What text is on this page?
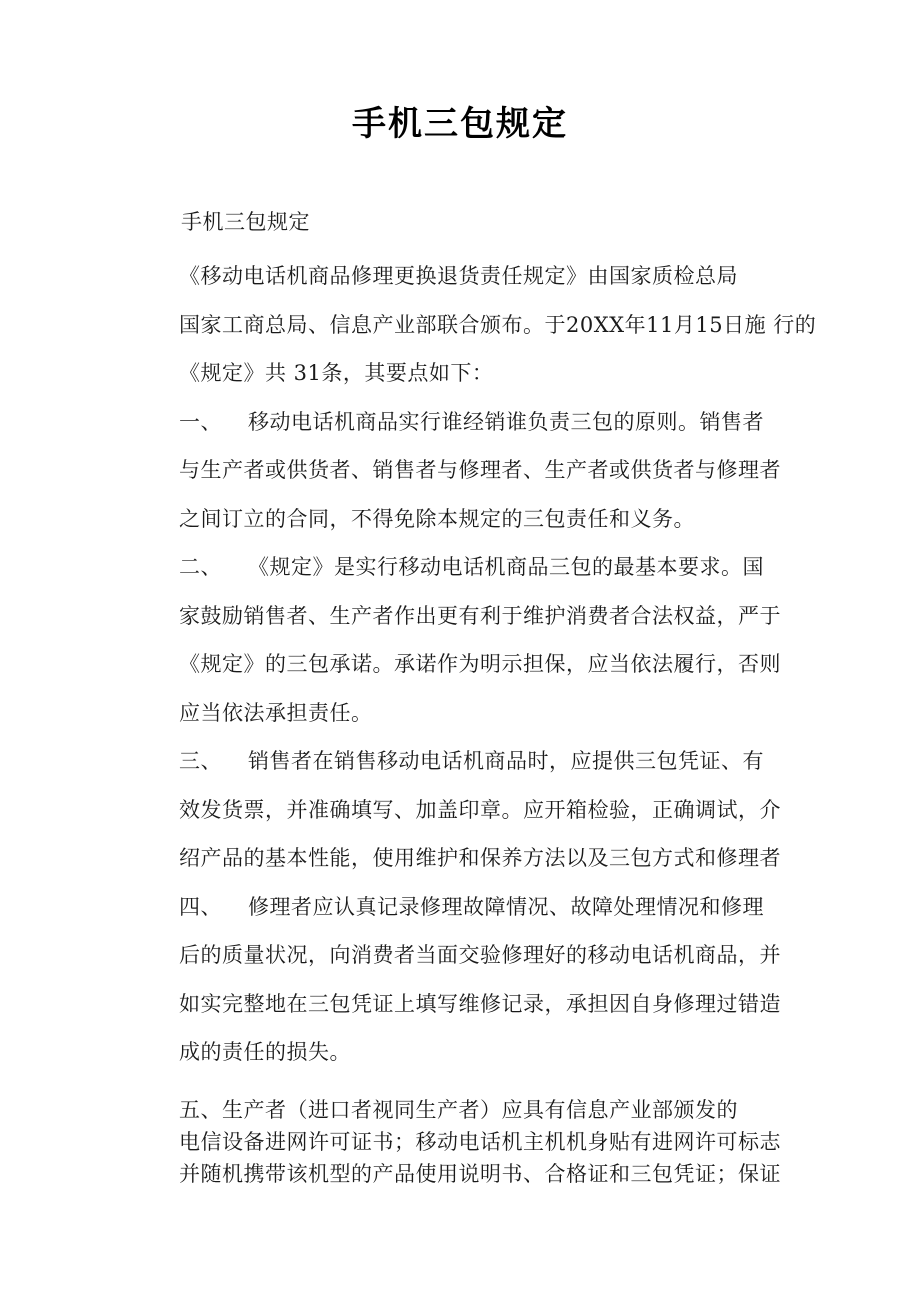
手机三包规定
手机三包规定

《移动电话机商品修理更换退货责任规定》由国家质检总局
国家工商总局、信息产业部联合颁布。于20XX年11月15日施 行的
《规定》共 31条，其要点如下：

一、 移动电话机商品实行谁经销谁负责三包的原则。销售者
与生产者或供货者、销售者与修理者、生产者或供货者与修理者
之间订立的合同，不得免除本规定的三包责任和义务。

二、 《规定》是实行移动电话机商品三包的最基本要求。国
家鼓励销售者、生产者作出更有利于维护消费者合法权益，严于
《规定》的三包承诺。承诺作为明示担保，应当依法履行，否则
应当依法承担责任。

三、 销售者在销售移动电话机商品时，应提供三包凭证、有
效发货票，并准确填写、加盖印章。应开箱检验，正确调试，介
绍产品的基本性能，使用维护和保养方法以及三包方式和修理者

四、 修理者应认真记录修理故障情况、故障处理情况和修理
后的质量状况，向消费者当面交验修理好的移动电话机商品，并
如实完整地在三包凭证上填写维修记录，承担因自身修理过错造
成的责任的损失。

五、生产者（进口者视同生产者）应具有信息产业部颁发的
电信设备进网许可证书；移动电话机主机机身贴有进网许可标志
并随机携带该机型的产品使用说明书、合格证和三包凭证；保证
